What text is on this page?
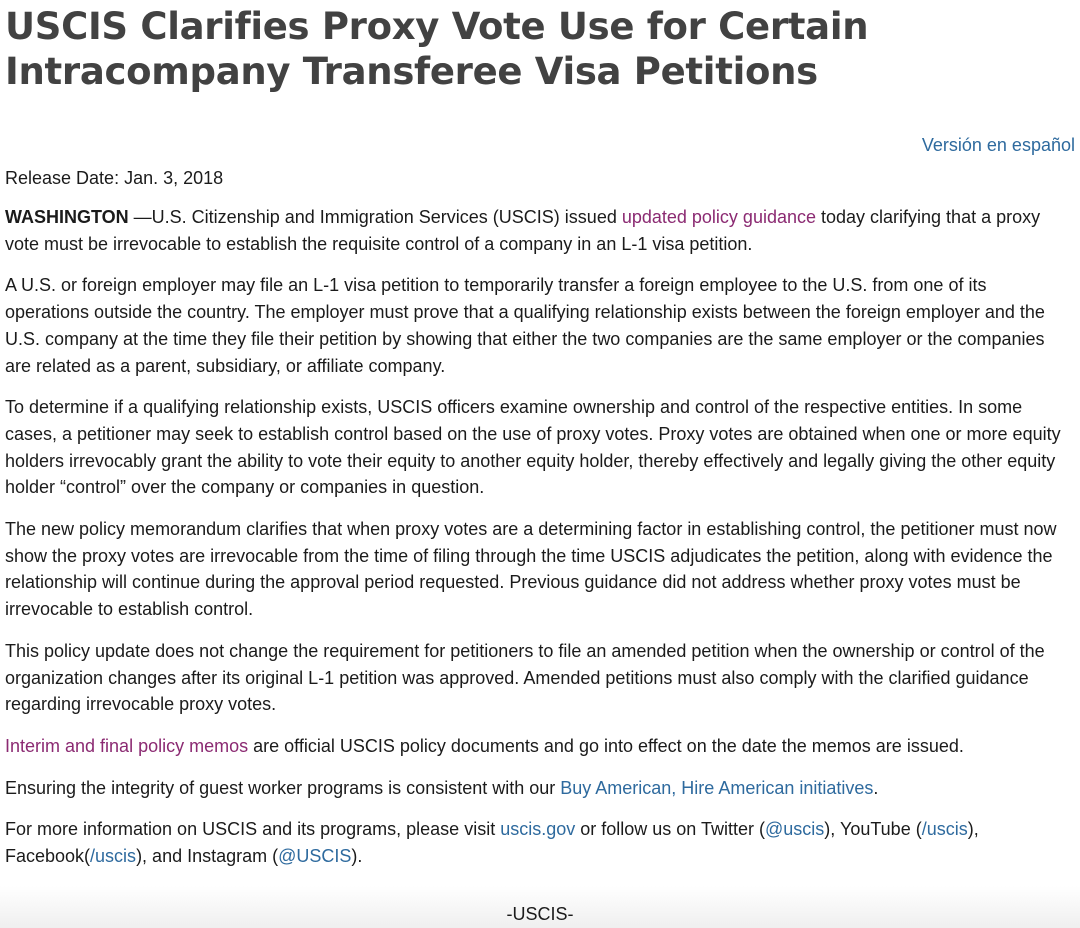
USCIS Clarifies Proxy Vote Use for Certain Intracompany Transferee Visa Petitions
Versión en español
Release Date: Jan. 3, 2018

WASHINGTON —U.S. Citizenship and Immigration Services (USCIS) issued updated policy guidance today clarifying that a proxy vote must be irrevocable to establish the requisite control of a company in an L-1 visa petition.

A U.S. or foreign employer may file an L-1 visa petition to temporarily transfer a foreign employee to the U.S. from one of its operations outside the country. The employer must prove that a qualifying relationship exists between the foreign employer and the U.S. company at the time they file their petition by showing that either the two companies are the same employer or the companies are related as a parent, subsidiary, or affiliate company.

To determine if a qualifying relationship exists, USCIS officers examine ownership and control of the respective entities. In some cases, a petitioner may seek to establish control based on the use of proxy votes. Proxy votes are obtained when one or more equity holders irrevocably grant the ability to vote their equity to another equity holder, thereby effectively and legally giving the other equity holder “control” over the company or companies in question.

The new policy memorandum clarifies that when proxy votes are a determining factor in establishing control, the petitioner must now show the proxy votes are irrevocable from the time of filing through the time USCIS adjudicates the petition, along with evidence the relationship will continue during the approval period requested. Previous guidance did not address whether proxy votes must be irrevocable to establish control.

This policy update does not change the requirement for petitioners to file an amended petition when the ownership or control of the organization changes after its original L-1 petition was approved. Amended petitions must also comply with the clarified guidance regarding irrevocable proxy votes.

Interim and final policy memos are official USCIS policy documents and go into effect on the date the memos are issued.

Ensuring the integrity of guest worker programs is consistent with our Buy American, Hire American initiatives.

For more information on USCIS and its programs, please visit uscis.gov or follow us on Twitter (@uscis), YouTube (/uscis), Facebook(/uscis), and Instagram (@USCIS).

-USCIS-
